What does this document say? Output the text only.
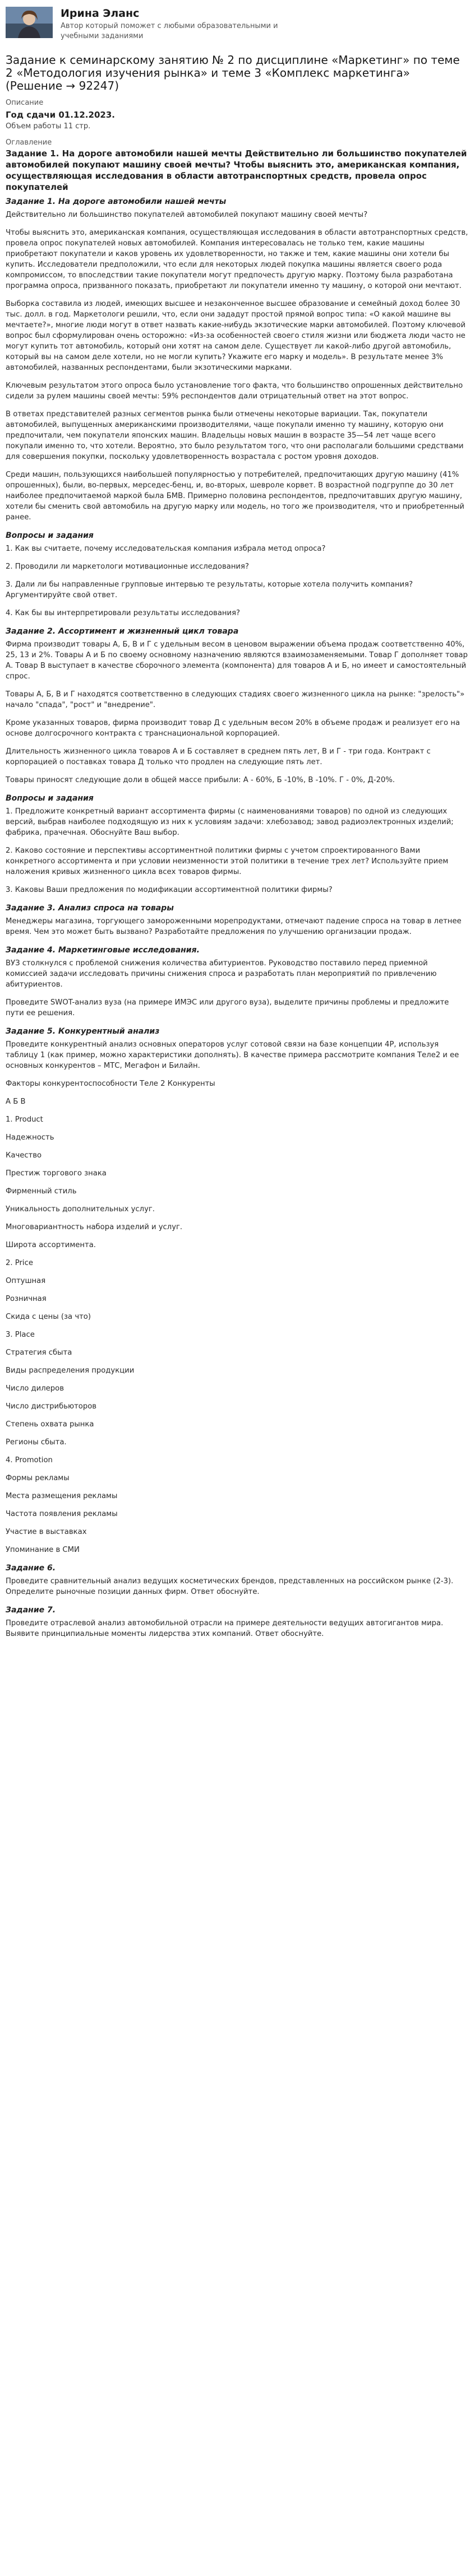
Ирина Эланс
Автор который поможет с любыми образовательными и учебными заданиями
Задание к семинарскому занятию № 2 по дисциплине «Маркетинг» по теме 2 «Методология изучения рынка» и теме 3 «Комплекс маркетинга» (Решение → 92247)

Описание

Год сдачи 01.12.2023.

Объем работы 11 стр.

Оглавление

Задание 1. На дороге автомобили нашей мечты Действительно ли большинство покупателей автомобилей покупают машину своей мечты? Чтобы выяснить это, американская компания, осуществляющая исследования в области автотранспортных средств, провела опрос покупателей

Задание 1. На дороге автомобили нашей мечты

Действительно ли большинство покупателей автомобилей покупают машину своей мечты?

Чтобы выяснить это, американская компания, осуществляющая исследования в области автотранспортных средств, провела опрос покупателей новых автомобилей. Компания интересовалась не только тем, какие машины приобретают покупатели и каков уровень их удовлетворенности, но также и тем, какие машины они хотели бы купить. Исследователи предположили, что если для некоторых людей покупка машины является своего рода компромиссом, то впоследствии такие покупатели могут предпочесть другую марку. Поэтому была разработана программа опроса, призванного показать, приобретают ли покупатели именно ту машину, о которой они мечтают.

Выборка составила из людей, имеющих высшее и незаконченное высшее образование и семейный доход более 30 тыс. долл. в год. Маркетологи решили, что, если они зададут простой прямой вопрос типа: «О какой машине вы мечтаете?», многие люди могут в ответ назвать какие-нибудь экзотические марки автомобилей. Поэтому ключевой вопрос был сформулирован очень осторожно: «Из-за особенностей своего стиля жизни или бюджета люди часто не могут купить тот автомобиль, который они хотят на самом деле. Существует ли какой-либо другой автомобиль, который вы на самом деле хотели, но не могли купить? Укажите его марку и модель». В результате менее 3% автомобилей, названных респондентами, были экзотическими марками.

Ключевым результатом этого опроса было установление того факта, что большинство опрошенных действительно сидели за рулем машины своей мечты: 59% респондентов дали отрицательный ответ на этот вопрос.

В ответах представителей разных сегментов рынка были отмечены некоторые вариации. Так, покупатели автомобилей, выпущенных американскими производителями, чаще покупали именно ту машину, которую они предпочитали, чем покупатели японских машин. Владельцы новых машин в возрасте 35—54 лет чаще всего покупали именно то, что хотели. Вероятно, это было результатом того, что они располагали большими средствами для совершения покупки, поскольку удовлетворенность возрастала с ростом уровня доходов.

Среди машин, пользующихся наибольшей популярностью у потребителей, предпочитающих другую машину (41% опрошенных), были, во-первых, мерседес-бенц, и, во-вторых, шевроле корвет. В возрастной подгруппе до 30 лет наиболее предпочитаемой маркой была БМВ. Примерно половина респондентов, предпочитавших другую машину, хотели бы сменить свой автомобиль на другую марку или модель, но того же производителя, что и приобретенный ранее.

Вопросы и задания
1. Как вы считаете, почему исследовательская компания избрала метод опроса?
2. Проводили ли маркетологи мотивационные исследования?
3. Дали ли бы направленные групповые интервью те результаты, которые хотела получить компания? Аргументируйте свой ответ.
4. Как бы вы интерпретировали результаты исследования?
Задание 2. Ассортимент и жизненный цикл товара

Фирма производит товары А, Б, В и Г с удельным весом в ценовом выражении объема продаж соответственно 40%, 25, 13 и 2%. Товары А и Б по своему основному назначению являются взаимозаменяемыми. Товар Г дополняет товар А. Товар В выступает в качестве сборочного элемента (компонента) для товаров А и Б, но имеет и самостоятельный спрос.

Товары А, Б, В и Г находятся соответственно в следующих стадиях своего жизненного цикла на рынке: "зрелость"» начало "спада", "рост" и "внедрение".

Кроме указанных товаров, фирма производит товар Д с удельным весом 20% в объеме продаж и реализует его на основе долгосрочного контракта с транснациональной корпорацией.

Длительность жизненного цикла товаров А и Б составляет в среднем пять лет, В и Г - три года. Контракт с корпорацией о поставках товара Д только что продлен на следующие пять лет.

Товары приносят следующие доли в общей массе прибыли: А - 60%, Б -10%, В -10%. Г - 0%, Д-20%.

Вопросы и задания
1. Предложите конкретный вариант ассортимента фирмы (с наименованиями товаров) по одной из следующих версий, выбрав наиболее подходящую из них к условиям задачи: хлебозавод; завод радиоэлектронных изделий; фабрика, прачечная. Обоснуйте Ваш выбор.
2. Каково состояние и перспективы ассортиментной политики фирмы с учетом спроектированного Вами конкретного ассортимента и при условии неизменности этой политики в течение трех лет? Используйте прием наложения кривых жизненного цикла всех товаров фирмы.
3. Каковы Ваши предложения по модификации ассортиментной политики фирмы?
Задание 3. Анализ спроса на товары

Менеджеры магазина, торгующего замороженными морепродуктами, отмечают падение спроса на товар в летнее время. Чем это может быть вызвано? Разработайте предложения по улучшению организации продаж.

Задание 4. Маркетинговые исследования.

ВУЗ столкнулся с проблемой снижения количества абитуриентов. Руководство поставило перед приемной комиссией задачи исследовать причины снижения спроса и разработать план мероприятий по привлечению абитуриентов.

Проведите SWOT-анализ вуза (на примере ИМЭС или другого вуза), выделите причины проблемы и предложите пути ее решения.

Задание 5. Конкурентный анализ

Проведите конкурентный анализ основных операторов услуг сотовой связи на базе концепции 4P, используя таблицу 1 (как пример, можно характеристики дополнять). В качестве примера рассмотрите компания Теле2 и ее основных конкурентов – МТС, Мегафон и Билайн.

Факторы конкурентоспособности Теле 2 Конкуренты

А Б В
1. Product
Надежность
Качество
Престиж торгового знака
Фирменный стиль
Уникальность дополнительных услуг.
Многовариантность набора изделий и услуг.
Широта ассортимента.
2. Price
Оптушная
Розничная
Скида с цены (за что)
3. Place
Стратегия сбыта
Виды распределения продукции
Число дилеров
Число дистрибьюторов
Степень охвата рынка
Регионы сбыта.
4. Promotion
Формы рекламы
Места размещения рекламы
Частота появления рекламы
Участие в выставках
Упоминание в СМИ
Задание 6.

Проведите сравнительный анализ ведущих косметических брендов, представленных на российском рынке (2-3). Определите рыночные позиции данных фирм. Ответ обоснуйте.

Задание 7.

Проведите отраслевой анализ автомобильной отрасли на примере деятельности ведущих автогигантов мира. Выявите принципиальные моменты лидерства этих компаний. Ответ обоснуйте.
